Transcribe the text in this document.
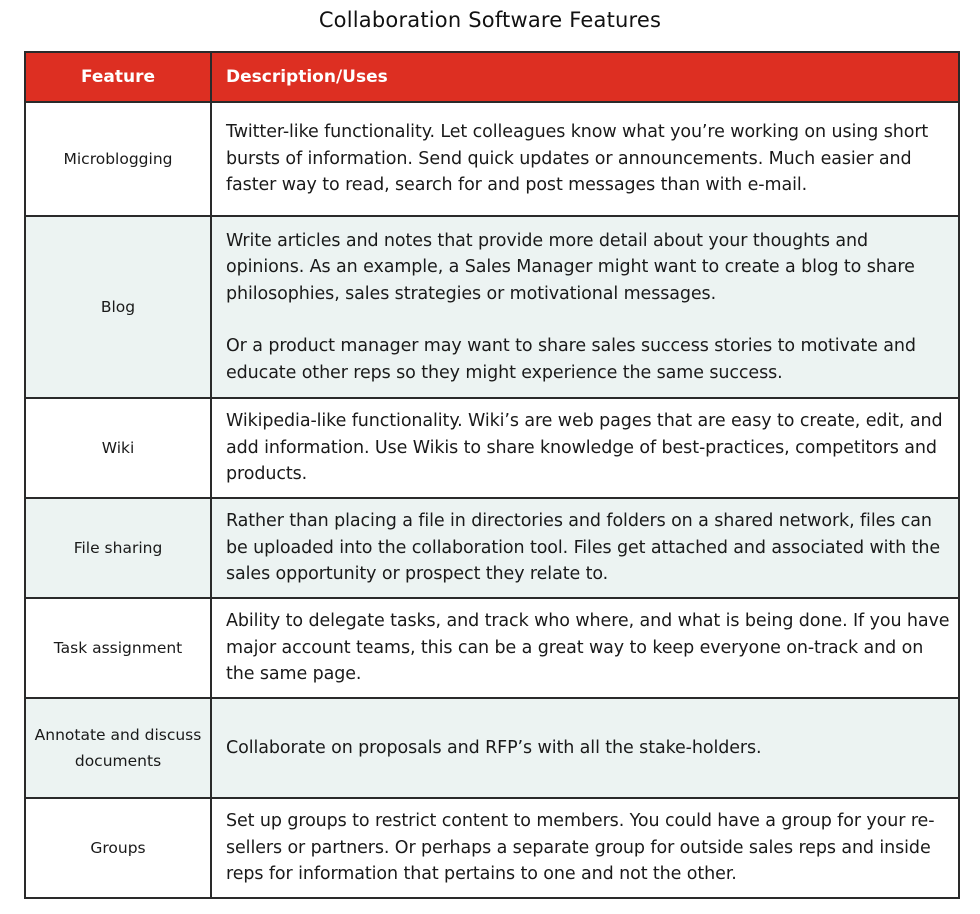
Collaboration Software Features
Feature	Description/Uses
Microblogging	Twitter-like functionality. Let colleagues know what you’re working on using short bursts of information. Send quick updates or announcements. Much easier and faster way to read, search for and post messages than with e-mail.

Blog	Write articles and notes that provide more detail about your thoughts and opinions. As an example, a Sales Manager might want to create a blog to share philosophies, sales strategies or motivational messages.

Or a product manager may want to share sales success stories to motivate and educate other reps so they might experience the same success.

Wiki	Wikipedia-like functionality. Wiki’s are web pages that are easy to create, edit, and add information. Use Wikis to share knowledge of best-practices, competitors and products.

File sharing	Rather than placing a file in directories and folders on a shared network, files can be uploaded into the collaboration tool. Files get attached and associated with the sales opportunity or prospect they relate to.

Task assignment	Ability to delegate tasks, and track who where, and what is being done. If you have major account teams, this can be a great way to keep everyone on-track and on the same page.

Annotate and discuss documents	Collaborate on proposals and RFP’s with all the stake-holders.

Groups	Set up groups to restrict content to members. You could have a group for your re-sellers or partners. Or perhaps a separate group for outside sales reps and inside reps for information that pertains to one and not the other.
